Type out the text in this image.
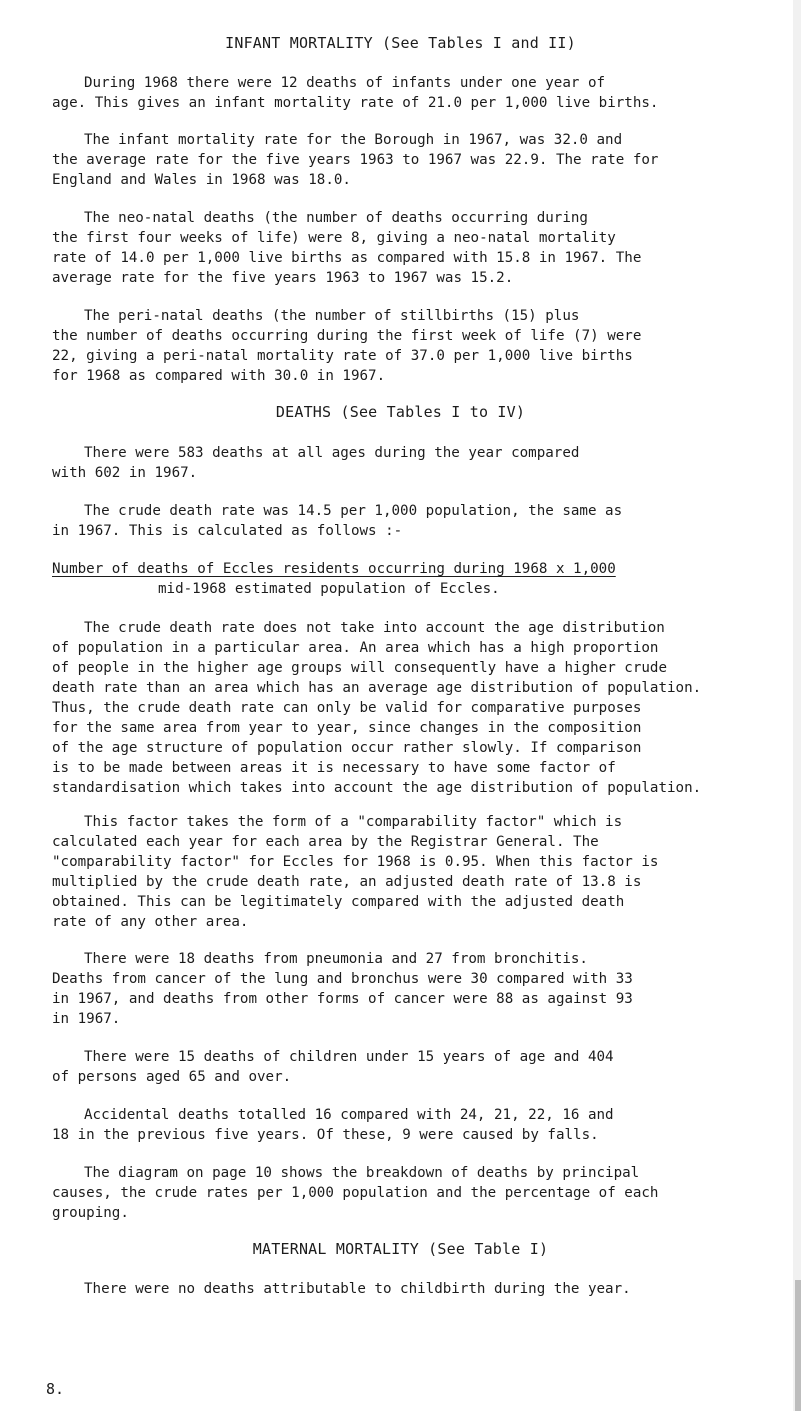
INFANT MORTALITY (See Tables I and II)

During 1968 there were 12 deaths of infants under one year of
age. This gives an infant mortality rate of 21.0 per 1,000 live births.

The infant mortality rate for the Borough in 1967, was 32.0 and
the average rate for the five years 1963 to 1967 was 22.9. The rate for
England and Wales in 1968 was 18.0.

The neo-natal deaths (the number of deaths occurring during
the first four weeks of life) were 8, giving a neo-natal mortality
rate of 14.0 per 1,000 live births as compared with 15.8 in 1967. The
average rate for the five years 1963 to 1967 was 15.2.

The peri-natal deaths (the number of stillbirths (15) plus
the number of deaths occurring during the first week of life (7) were
22, giving a peri-natal mortality rate of 37.0 per 1,000 live births
for 1968 as compared with 30.0 in 1967.

DEATHS (See Tables I to IV)

There were 583 deaths at all ages during the year compared
with 602 in 1967.

The crude death rate was 14.5 per 1,000 population, the same as
in 1967. This is calculated as follows :-

Number of deaths of Eccles residents occurring during 1968 x 1,000
mid-1968 estimated population of Eccles.

The crude death rate does not take into account the age distribution
of population in a particular area. An area which has a high proportion
of people in the higher age groups will consequently have a higher crude
death rate than an area which has an average age distribution of population.
Thus, the crude death rate can only be valid for comparative purposes
for the same area from year to year, since changes in the composition
of the age structure of population occur rather slowly. If comparison
is to be made between areas it is necessary to have some factor of
standardisation which takes into account the age distribution of population.

This factor takes the form of a "comparability factor" which is
calculated each year for each area by the Registrar General. The
"comparability factor" for Eccles for 1968 is 0.95. When this factor is
multiplied by the crude death rate, an adjusted death rate of 13.8 is
obtained. This can be legitimately compared with the adjusted death
rate of any other area.

There were 18 deaths from pneumonia and 27 from bronchitis.
Deaths from cancer of the lung and bronchus were 30 compared with 33
in 1967, and deaths from other forms of cancer were 88 as against 93
in 1967.

There were 15 deaths of children under 15 years of age and 404
of persons aged 65 and over.

Accidental deaths totalled 16 compared with 24, 21, 22, 16 and
18 in the previous five years. Of these, 9 were caused by falls.

The diagram on page 10 shows the breakdown of deaths by principal
causes, the crude rates per 1,000 population and the percentage of each
grouping.

MATERNAL MORTALITY (See Table I)

There were no deaths attributable to childbirth during the year.

8.
